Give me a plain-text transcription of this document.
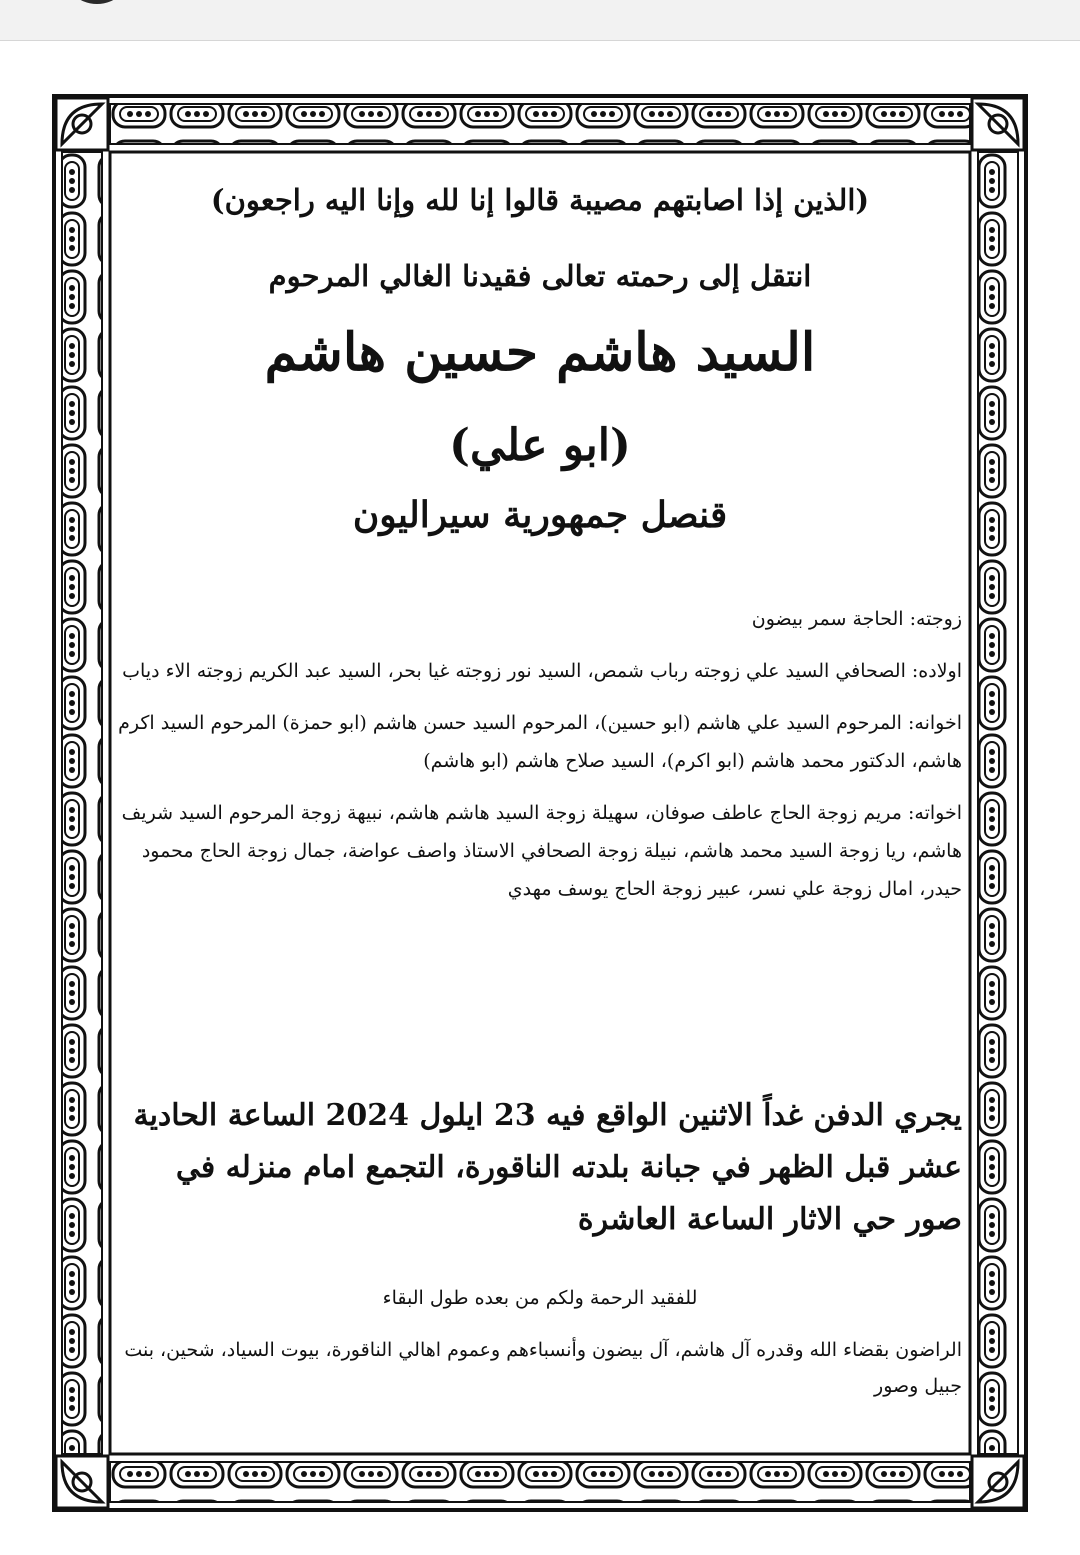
(الذين إذا اصابتهم مصيبة قالوا إنا لله وإنا اليه راجعون)
انتقل إلى رحمته تعالى فقيدنا الغالي المرحوم
السيد هاشم حسين هاشم
(ابو علي)
قنصل جمهورية سيراليون

زوجته: الحاجة سمر بيضون

اولاده: الصحافي السيد علي زوجته رباب شمص، السيد نور زوجته غيا بحر، السيد عبد الكريم زوجته الاء دياب

اخوانه: المرحوم السيد علي هاشم (ابو حسين)، المرحوم السيد حسن هاشم (ابو حمزة) المرحوم السيد اكرم هاشم، الدكتور محمد هاشم (ابو اكرم)، السيد صلاح هاشم (ابو هاشم)

اخواته: مريم زوجة الحاج عاطف صوفان، سهيلة زوجة السيد هاشم هاشم، نبيهة زوجة المرحوم السيد شريف هاشم، ريا زوجة السيد محمد هاشم، نبيلة زوجة الصحافي الاستاذ واصف عواضة، جمال زوجة الحاج محمود حيدر، امال زوجة علي نسر، عبير زوجة الحاج يوسف مهدي

يجري الدفن غداً الاثنين الواقع فيه 23 ايلول 2024 الساعة الحادية عشر قبل الظهر في جبانة بلدته الناقورة، التجمع امام منزله في صور حي الاثار الساعة العاشرة
للفقيد الرحمة ولكم من بعده طول البقاء
الراضون بقضاء الله وقدره آل هاشم، آل بيضون وأنسباءهم وعموم اهالي الناقورة، بيوت السياد، شحين، بنت جبيل وصور
